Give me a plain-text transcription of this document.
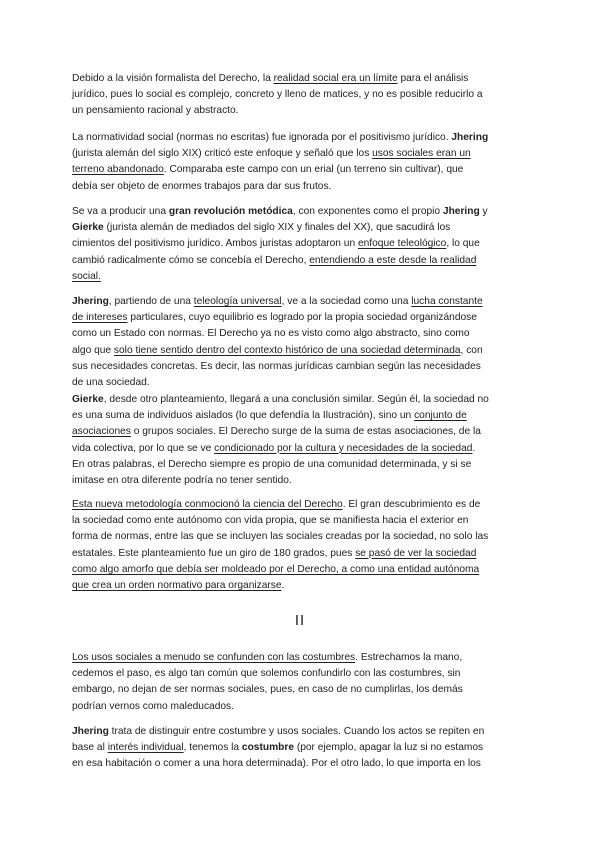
Debido a la visión formalista del Derecho, la realidad social era un límite para el análisis
jurídico, pues lo social es complejo, concreto y lleno de matices, y no es posible reducirlo a
un pensamiento racional y abstracto.
La normatividad social (normas no escritas) fue ignorada por el positivismo jurídico. Jhering
(jurista alemán del siglo XIX) criticó este enfoque y señaló que los usos sociales eran un
terreno abandonado. Comparaba este campo con un erial (un terreno sin cultivar), que
debía ser objeto de enormes trabajos para dar sus frutos.
Se va a producir una gran revolución metódica, con exponentes como el propio Jhering y
Gierke (jurista alemán de mediados del siglo XIX y finales del XX), que sacudirá los
cimientos del positivismo jurídico. Ambos juristas adoptaron un enfoque teleológico, lo que
cambió radicalmente cómo se concebía el Derecho, entendiendo a este desde la realidad
social.
Jhering, partiendo de una teleología universal, ve a la sociedad como una lucha constante
de intereses particulares, cuyo equilibrio es logrado por la propia sociedad organizándose
como un Estado con normas. El Derecho ya no es visto como algo abstracto, sino como
algo que solo tiene sentido dentro del contexto histórico de una sociedad determinada, con
sus necesidades concretas. Es decir, las normas jurídicas cambian según las necesidades
de una sociedad.
Gierke, desde otro planteamiento, llegará a una conclusión similar. Según él, la sociedad no
es una suma de individuos aislados (lo que defendía la Ilustración), sino un conjunto de
asociaciones o grupos sociales. El Derecho surge de la suma de estas asociaciones, de la
vida colectiva, por lo que se ve condicionado por la cultura y necesidades de la sociedad.
En otras palabras, el Derecho siempre es propio de una comunidad determinada, y si se
imitase en otra diferente podría no tener sentido.
Esta nueva metodología conmocionó la ciencia del Derecho. El gran descubrimiento es de
la sociedad como ente autónomo con vida propia, que se manifiesta hacia el exterior en
forma de normas, entre las que se incluyen las sociales creadas por la sociedad, no solo las
estatales. Este planteamiento fue un giro de 180 grados, pues se pasó de ver la sociedad
como algo amorfo que debía ser moldeado por el Derecho, a como una entidad autónoma
que crea un orden normativo para organizarse.
II
Los usos sociales a menudo se confunden con las costumbres. Estrechamos la mano,
cedemos el paso, es algo tan común que solemos confundirlo con las costumbres, sin
embargo, no dejan de ser normas sociales, pues, en caso de no cumplirlas, los demás
podrían vernos como maleducados.
Jhering trata de distinguir entre costumbre y usos sociales. Cuando los actos se repiten en
base al interés individual, tenemos la costumbre (por ejemplo, apagar la luz si no estamos
en esa habitación o comer a una hora determinada). Por el otro lado, lo que importa en los
